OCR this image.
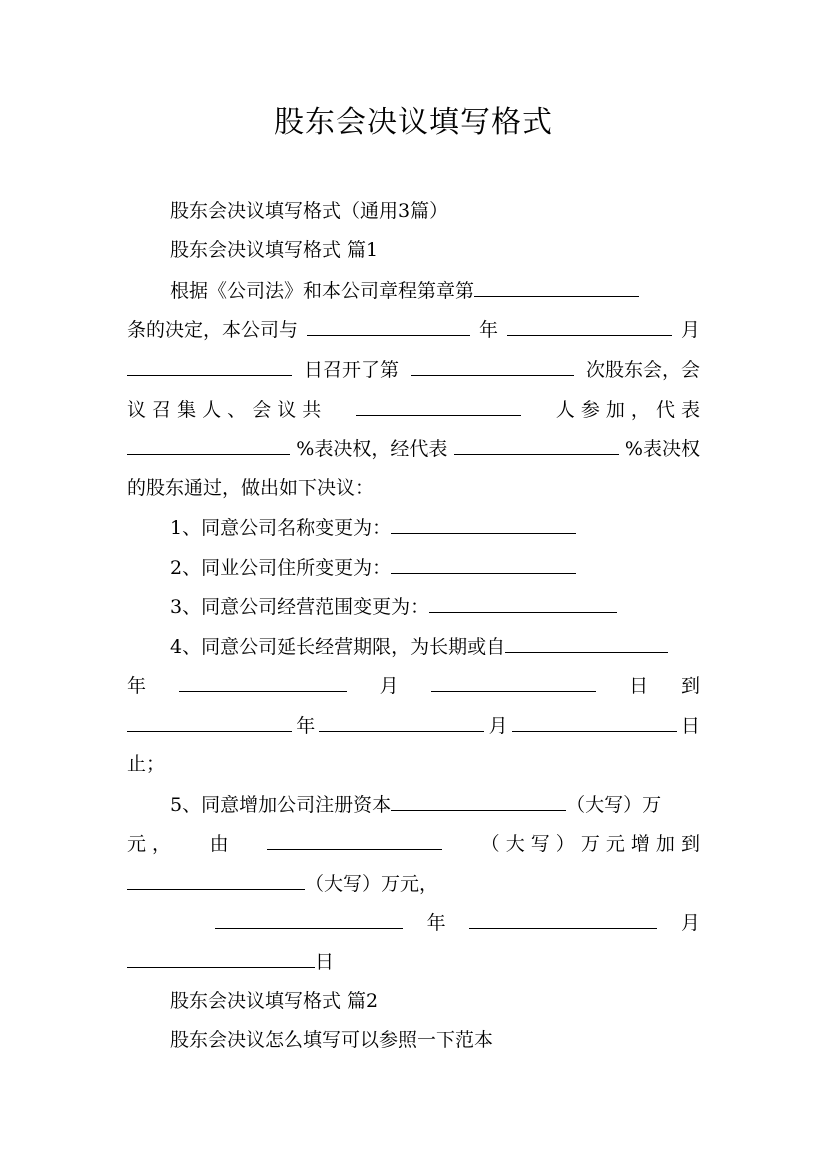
股东会决议填写格式
股东会决议填写格式（通用3篇）
股东会决议填写格式 篇1
根据《公司法》和本公司章程第章第
条的决定，本公司与	年	月
日召开了第	次股东会，会
议 召 集 人 、 会 议 共	人 参 加 ， 代 表
%表决权，经代表	%表决权
的股东通过，做出如下决议：
1、同意公司名称变更为：
2、同业公司住所变更为：
3、同意公司经营范围变更为：
4、同意公司延长经营期限，为长期或自
年	月	日 到
年	月	日
止；
5、同意增加公司注册资本	（大写）万
元 ， 由	（ 大 写 ） 万 元 增 加 到
（大写）万元，
年	月
日
股东会决议填写格式 篇2
股东会决议怎么填写可以参照一下范本
